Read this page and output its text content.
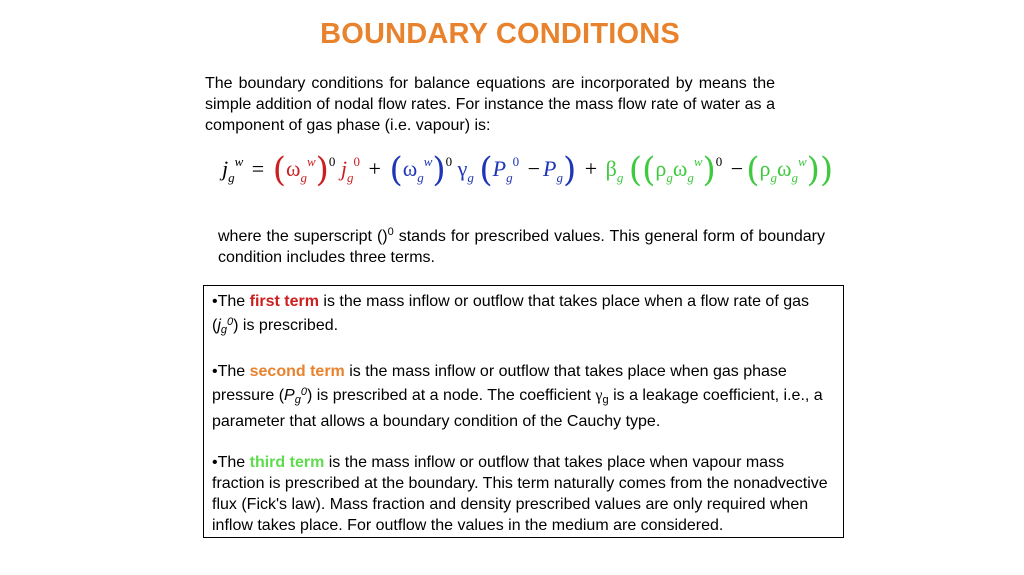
BOUNDARY CONDITIONS
The boundary conditions for balance equations are incorporated by means the simple addition of nodal flow rates. For instance the mass flow rate of water as a component of gas phase (i.e. vapour) is:
$j_g^w = (\omega_g^w)^0$ $j_g^0 + (\omega_g^w)^0$ $\gamma_g$ $(P_g^0 - P_g) + \beta_g$ $((\rho_g\omega_g^w)^0 -(\rho_g\omega_g^w))$
where the superscript ()$^0$ stands for prescribed values. This general form of boundary condition includes three terms.

•The first term is the mass inflow or outflow that takes place when a flow rate of gas $(j_g^0)$ is prescribed.

•The second term is the mass inflow or outflow that takes place when gas phase pressure $(P_g^0)$ is prescribed at a node. The coefficient $\gamma_g$ is a leakage coefficient, i.e., a parameter that allows a boundary condition of the Cauchy type.

•The third term is the mass inflow or outflow that takes place when vapour mass fraction is prescribed at the boundary. This term naturally comes from the nonadvective flux (Fick's law). Mass fraction and density prescribed values are only required when inflow takes place. For outflow the values in the medium are considered.
